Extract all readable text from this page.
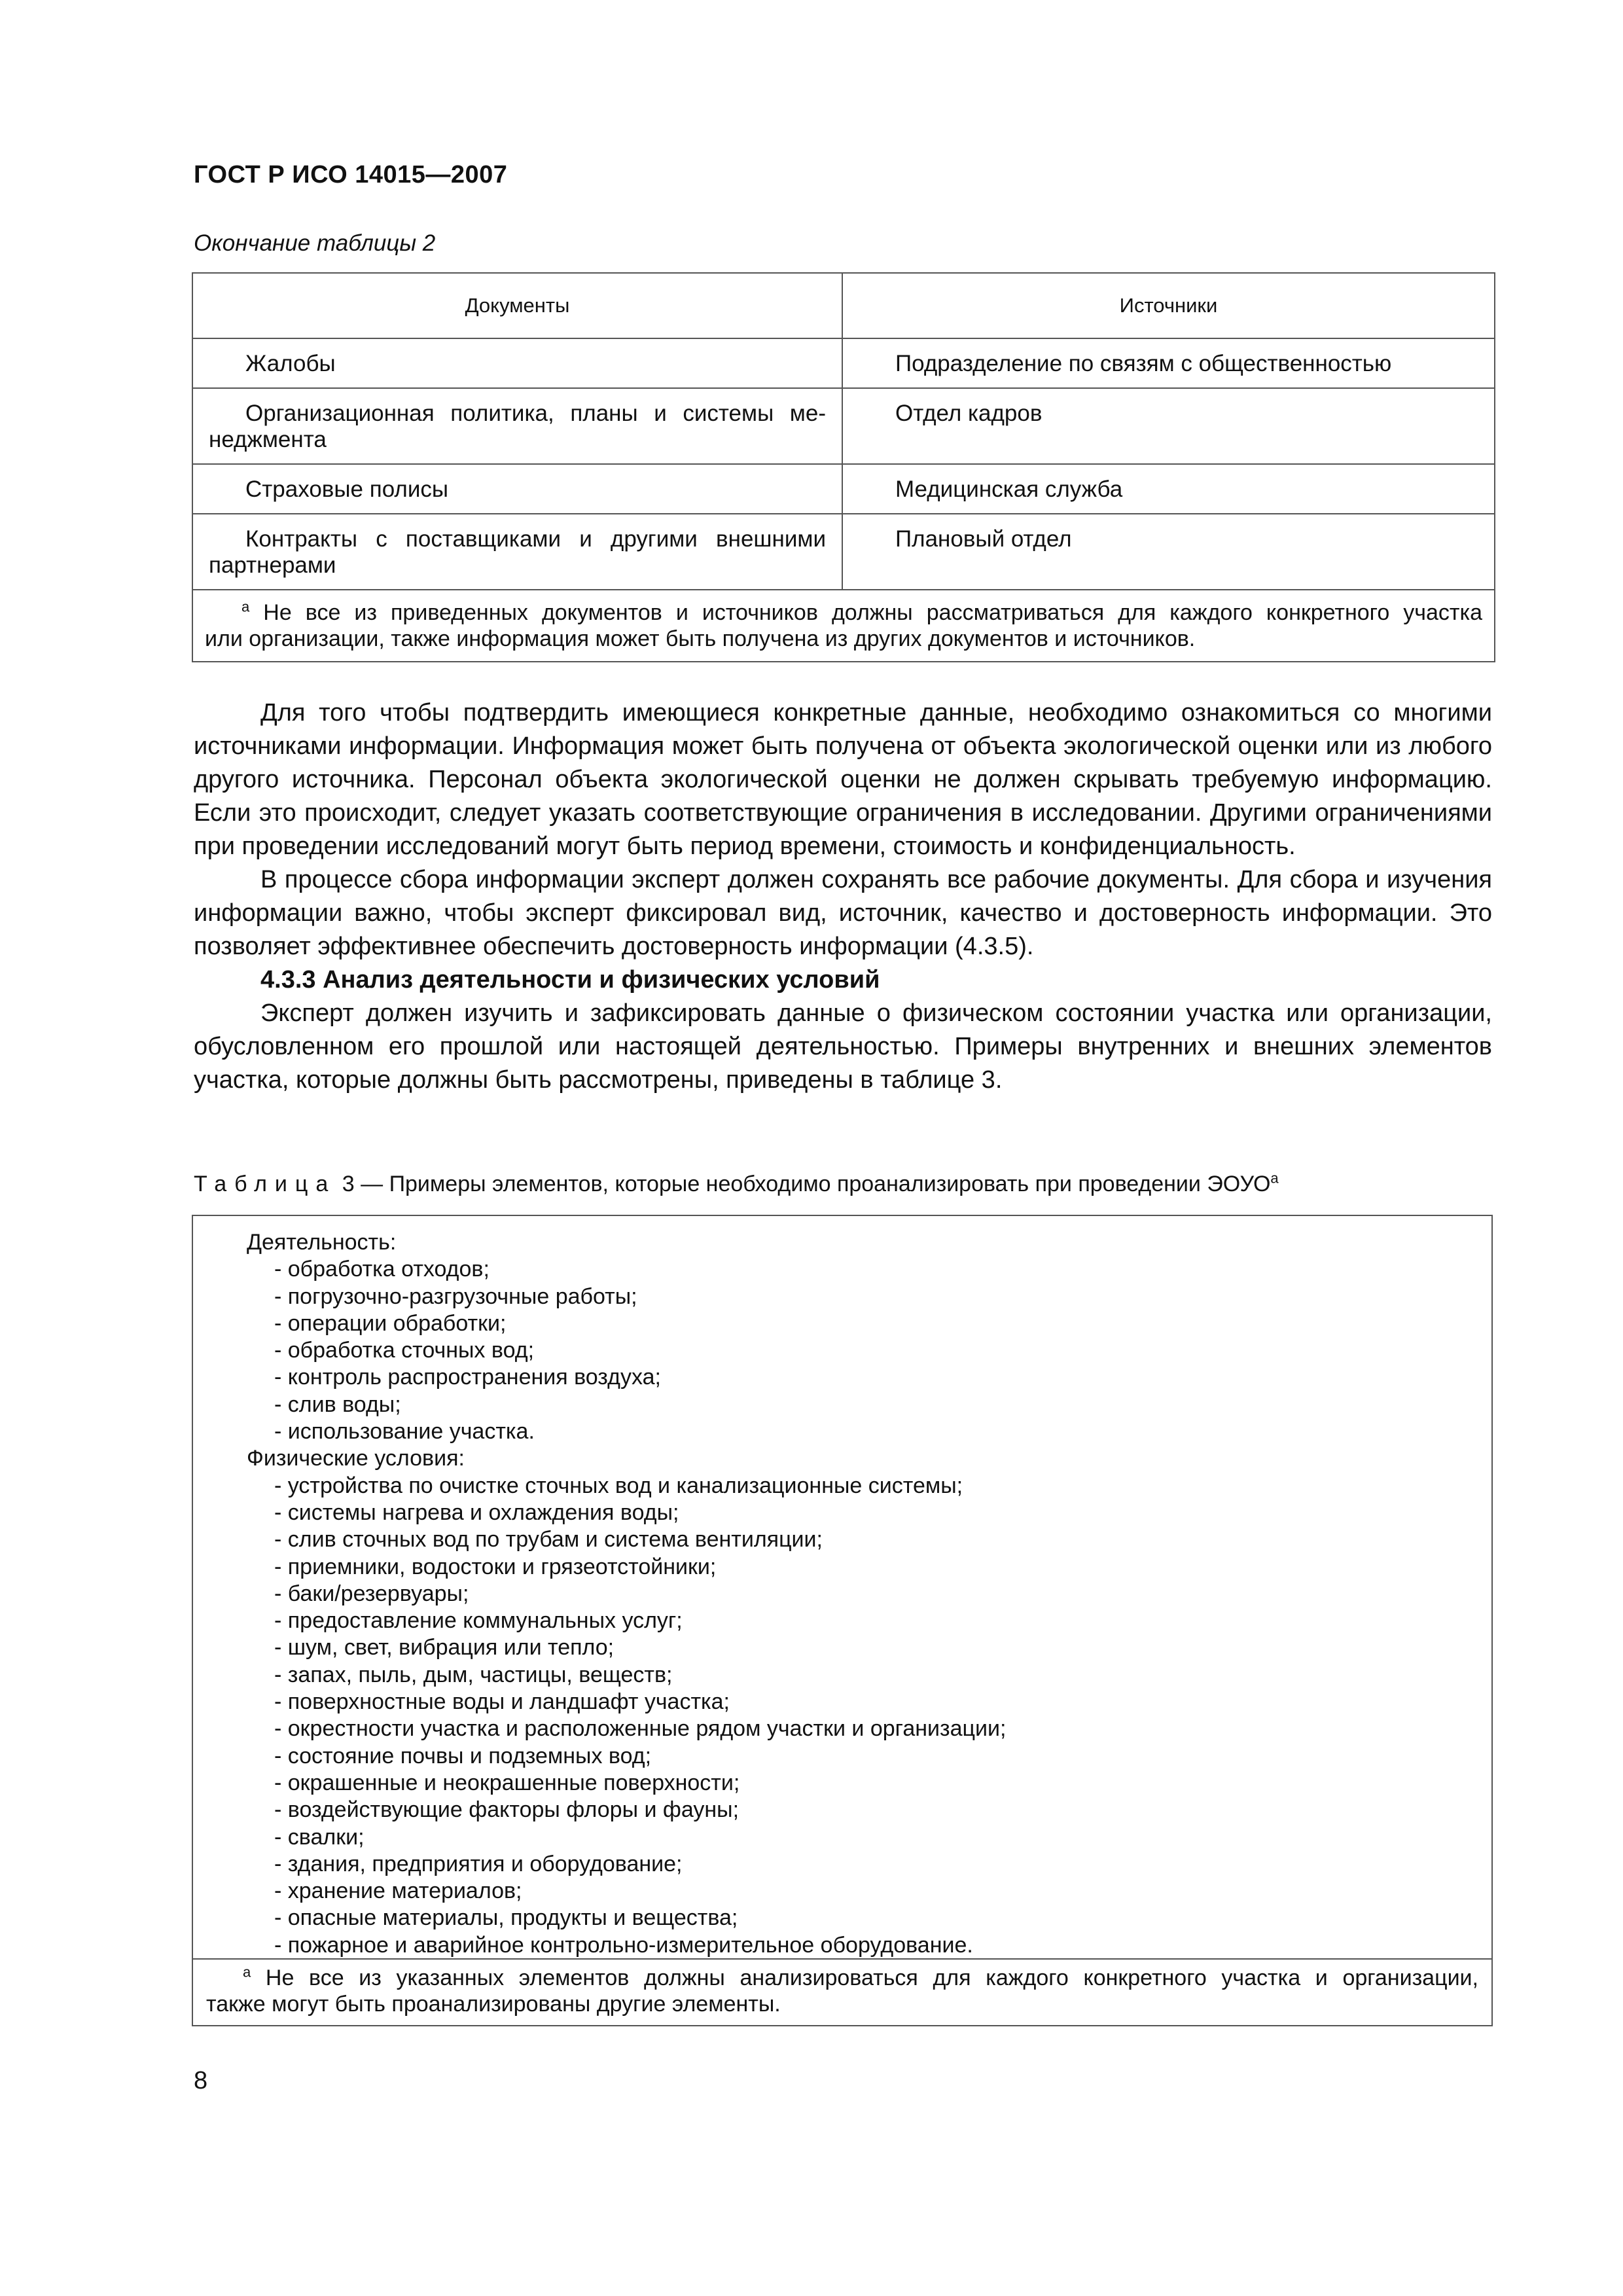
ГОСТ Р ИСО 14015—2007
Окончание таблицы 2
Документы	Источники

Жалобы	Подразделение по связям с общественностью

Организационная политика, планы и системы ме-
неджмента	Отдел кадров

Страховые полисы	Медицинская служба

Контракты с поставщиками и другими внешними
партнерами	Плановый отдел

$^а$ Не все из приведенных документов и источников должны рассматриваться для каждого конкретного участка
или организации, также информация может быть получена из других документов и источников.	

Для того чтобы подтвердить имеющиеся конкретные данные, необходимо ознакомиться со многими источниками информации. Информация может быть получена от объекта экологической оценки или из любого другого источника. Персонал объекта экологической оценки не должен скрывать требуемую информацию. Если это происходит, следует указать соответствующие ограничения в исследовании. Другими ограничениями при проведении исследований могут быть период времени, стоимость и конфиденциальность.

В процессе сбора информации эксперт должен сохранять все рабочие документы. Для сбора и изучения информации важно, чтобы эксперт фиксировал вид, источник, качество и достоверность информации. Это позволяет эффективнее обеспечить достоверность информации (4.3.5).

4.3.3 Анализ деятельности и физических условий

Эксперт должен изучить и зафиксировать данные о физическом состоянии участка или организации, обусловленном его прошлой или настоящей деятельностью. Примеры внутренних и внешних элементов участка, которые должны быть рассмотрены, приведены в таблице 3.

Таблица 3 — Примеры элементов, которые необходимо проанализировать при проведении $ЭОУО^а$
Деятельность:
- обработка отходов;
- погрузочно-разгрузочные работы;
- операции обработки;
- обработка сточных вод;
- контроль распространения воздуха;
- слив воды;
- использование участка.
Физические условия:
- устройства по очистке сточных вод и канализационные системы;
- системы нагрева и охлаждения воды;
- слив сточных вод по трубам и система вентиляции;
- приемники, водостоки и грязеотстойники;
- баки/резервуары;
- предоставление коммунальных услуг;
- шум, свет, вибрация или тепло;
- запах, пыль, дым, частицы, веществ;
- поверхностные воды и ландшафт участка;
- окрестности участка и расположенные рядом участки и организации;
- состояние почвы и подземных вод;
- окрашенные и неокрашенные поверхности;
- воздействующие факторы флоры и фауны;
- свалки;
- здания, предприятия и оборудование;
- хранение материалов;
- опасные материалы, продукты и вещества;
- пожарное и аварийное контрольно-измерительное оборудование.
$^а$ Не все из указанных элементов должны анализироваться для каждого конкретного участка и организации,
также могут быть проанализированы другие элементы.
8
